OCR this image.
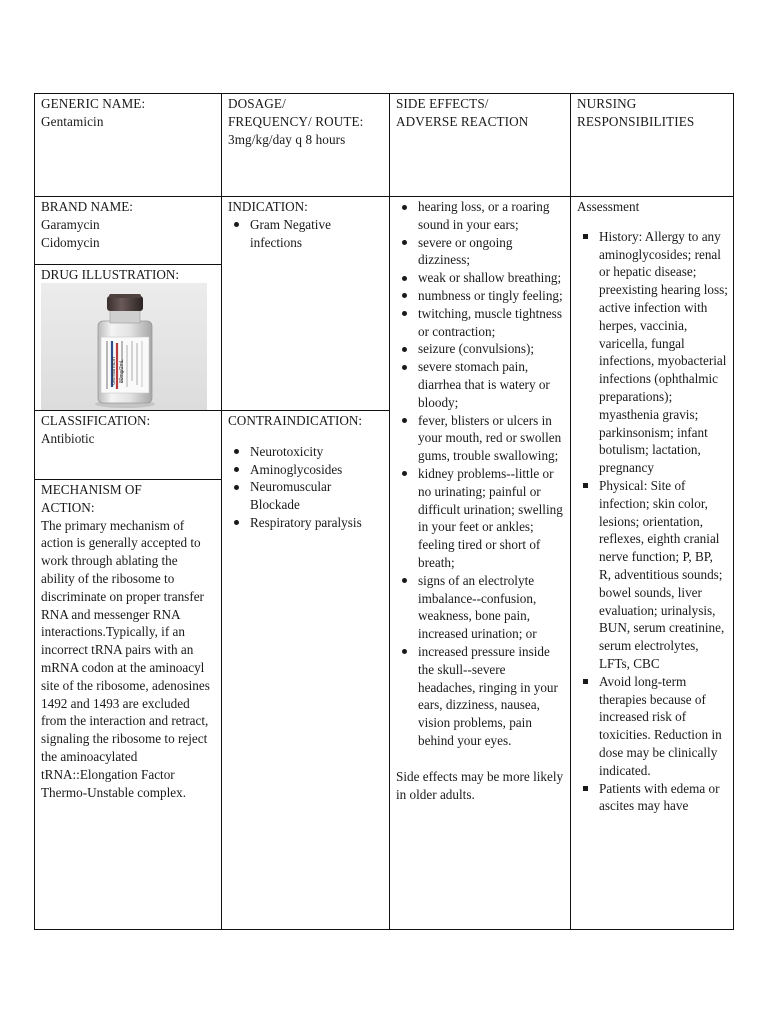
GENERIC NAME:

Gentamicin

DOSAGE/

FREQUENCY/ ROUTE:

3mg/kg/day q 8 hours

SIDE EFFECTS/

ADVERSE REACTION

NURSING

RESPONSIBILITIES

BRAND NAME:

Garamycin

Cidomycin

DRUG ILLUSTRATION:

Gentamicin 80mg/2mL

INDICATION:

Gram Negative infections

CLASSIFICATION:

Antibiotic

CONTRAINDICATION:

Neurotoxicity
Aminoglycosides
Neuromuscular Blockade
Respiratory paralysis

MECHANISM OF

ACTION:

The primary mechanism of action is generally accepted to work through ablating the ability of the ribosome to discriminate on proper transfer RNA and messenger RNA interactions.Typically, if an incorrect tRNA pairs with an mRNA codon at the aminoacyl site of the ribosome, adenosines 1492 and 1493 are excluded from the interaction and retract, signaling the ribosome to reject the aminoacylated tRNA::Elongation Factor Thermo-Unstable complex.

hearing loss, or a roaring sound in your ears;
severe or ongoing dizziness;
weak or shallow breathing;
numbness or tingly feeling;
twitching, muscle tightness or contraction;
seizure (convulsions);
severe stomach pain, diarrhea that is watery or bloody;
fever, blisters or ulcers in your mouth, red or swollen gums, trouble swallowing;
kidney problems--little or no urinating; painful or difficult urination; swelling in your feet or ankles; feeling tired or short of breath;
signs of an electrolyte imbalance--confusion, weakness, bone pain, increased urination; or
increased pressure inside the skull--severe headaches, ringing in your ears, dizziness, nausea, vision problems, pain behind your eyes.

Side effects may be more likely in older adults.

Assessment

History: Allergy to any aminoglycosides; renal or hepatic disease; preexisting hearing loss; active infection with herpes, vaccinia, varicella, fungal infections, myobacterial infections (ophthalmic preparations); myasthenia gravis; parkinsonism; infant botulism; lactation, pregnancy
Physical: Site of infection; skin color, lesions; orientation, reflexes, eighth cranial nerve function; P, BP, R, adventitious sounds; bowel sounds, liver evaluation; urinalysis, BUN, serum creatinine, serum electrolytes, LFTs, CBC
Avoid long-term therapies because of increased risk of toxicities. Reduction in dose may be clinically indicated.
Patients with edema or ascites may have
